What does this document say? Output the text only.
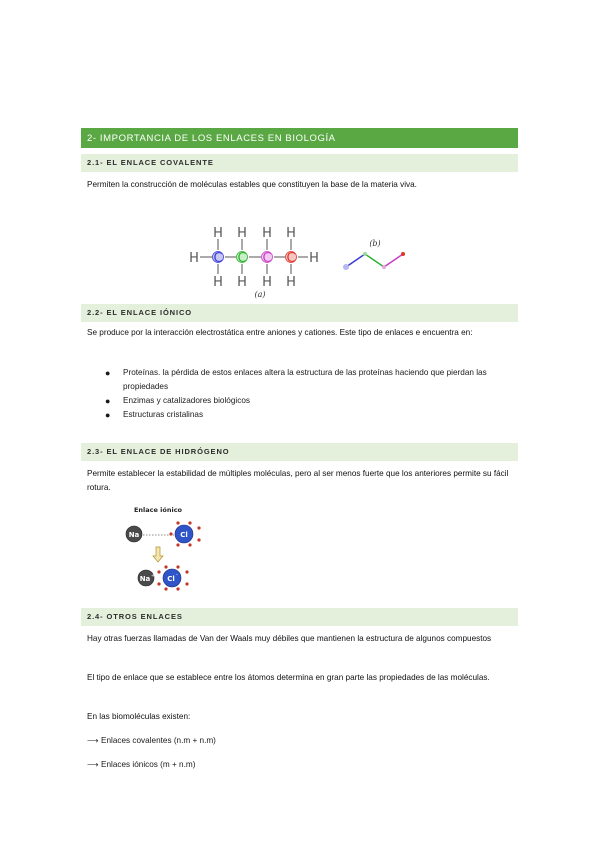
2- IMPORTANCIA DE LOS ENLACES EN BIOLOGÍA
2.1- EL ENLACE COVALENTE
Permiten la construcción de moléculas estables que constituyen la base de la materia viva.
H H H H
H C C C C H
H H H H
(a)
(b)
2.2- EL ENLACE IÓNICO
Se produce por la interacción electrostática entre aniones y cationes. Este tipo de enlaces e encuentra en:
● Proteínas. la pérdida de estos enlaces altera la estructura de las proteínas haciendo que pierdan las propiedades
● Enzimas y catalizadores biológicos
● Estructuras cristalinas
2.3- EL ENLACE DE HIDRÓGENO
Permite establecer la estabilidad de múltiples moléculas, pero al ser menos fuerte que los anteriores permite su fácil rotura.
Enlace iónico
Na	Cl
Na + Cl -
2.4- OTROS ENLACES
Hay otras fuerzas llamadas de Van der Waals muy débiles que mantienen la estructura de algunos compuestos
El tipo de enlace que se establece entre los átomos determina en gran parte las propiedades de las moléculas.
En las biomoléculas existen:
⟶ Enlaces covalentes (n.m + n.m)
⟶ Enlaces iónicos (m + n.m)
